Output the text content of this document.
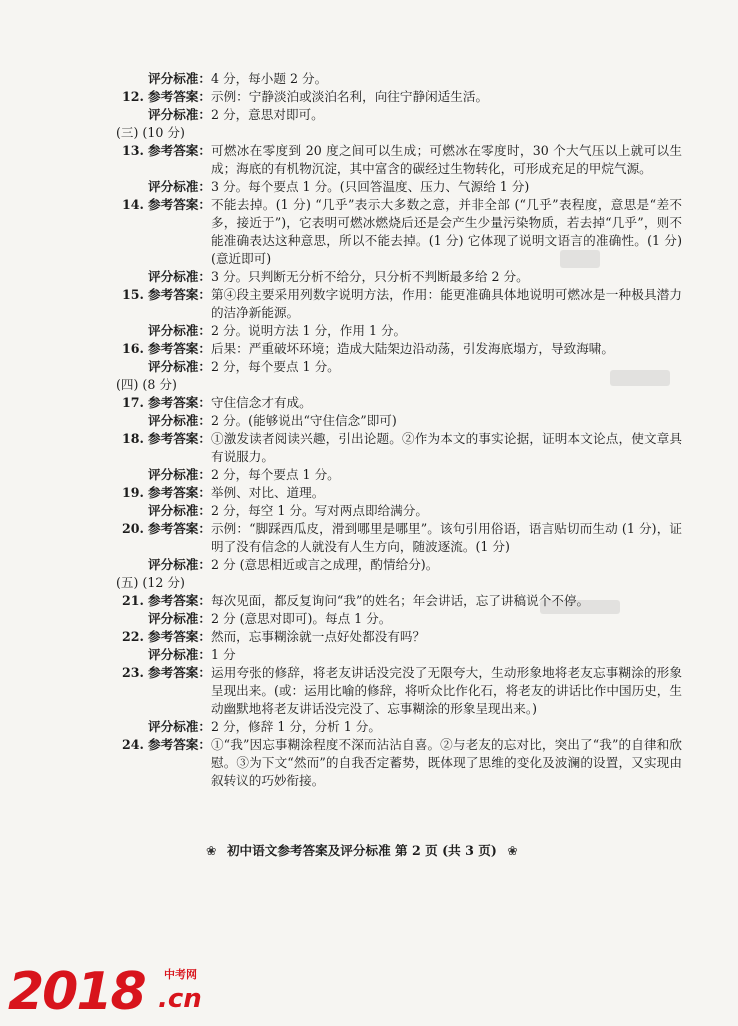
评分标准： 4 分，每小题 2 分。
12. 参考答案： 示例：宁静淡泊或淡泊名利，向往宁静闲适生活。
评分标准： 2 分，意思对即可。
(三) (10 分)
13. 参考答案： 可燃冰在零度到 20 度之间可以生成；可燃冰在零度时，30 个大气压以上就可以生成；海底的有机物沉淀，其中富含的碳经过生物转化，可形成充足的甲烷气源。
评分标准： 3 分。每个要点 1 分。(只回答温度、压力、气源给 1 分)
14. 参考答案： 不能去掉。(1 分) “几乎”表示大多数之意，并非全部 (“几乎”表程度，意思是“差不多，接近于”)，它表明可燃冰燃烧后还是会产生少量污染物质，若去掉“几乎”，则不能准确表达这种意思，所以不能去掉。(1 分) 它体现了说明文语言的准确性。(1 分) (意近即可)
评分标准： 3 分。只判断无分析不给分，只分析不判断最多给 2 分。
15. 参考答案： 第④段主要采用列数字说明方法，作用：能更准确具体地说明可燃冰是一种极具潜力的洁净新能源。
评分标准： 2 分。说明方法 1 分，作用 1 分。
16. 参考答案： 后果：严重破坏环境；造成大陆架边沿动荡，引发海底塌方，导致海啸。
评分标准： 2 分，每个要点 1 分。
(四) (8 分)
17. 参考答案： 守住信念才有成。
评分标准： 2 分。(能够说出“守住信念”即可)
18. 参考答案： ①激发读者阅读兴趣，引出论题。②作为本文的事实论据，证明本文论点，使文章具有说服力。
评分标准： 2 分，每个要点 1 分。
19. 参考答案： 举例、对比、道理。
评分标准： 2 分，每空 1 分。写对两点即给满分。
20. 参考答案： 示例：“脚踩西瓜皮，滑到哪里是哪里”。该句引用俗语，语言贴切而生动 (1 分)，证明了没有信念的人就没有人生方向，随波逐流。(1 分)
评分标准： 2 分 (意思相近或言之成理，酌情给分)。
(五) (12 分)
21. 参考答案： 每次见面，都反复询问“我”的姓名；年会讲话，忘了讲稿说个不停。
评分标准： 2 分 (意思对即可)。每点 1 分。
22. 参考答案： 然而，忘事糊涂就一点好处都没有吗？
评分标准： 1 分
23. 参考答案： 运用夸张的修辞，将老友讲话没完没了无限夸大，生动形象地将老友忘事糊涂的形象呈现出来。(或：运用比喻的修辞，将听众比作化石，将老友的讲话比作中国历史，生动幽默地将老友讲话没完没了、忘事糊涂的形象呈现出来。)
评分标准： 2 分，修辞 1 分，分析 1 分。
24. 参考答案： ①“我”因忘事糊涂程度不深而沾沾自喜。②与老友的忘对比，突出了“我”的自律和欣慰。③为下文“然而”的自我否定蓄势，既体现了思维的变化及波澜的设置，又实现由叙转议的巧妙衔接。
❀ 初中语文参考答案及评分标准 第 2 页 (共 3 页) ❀
2018 中考网
.cn
